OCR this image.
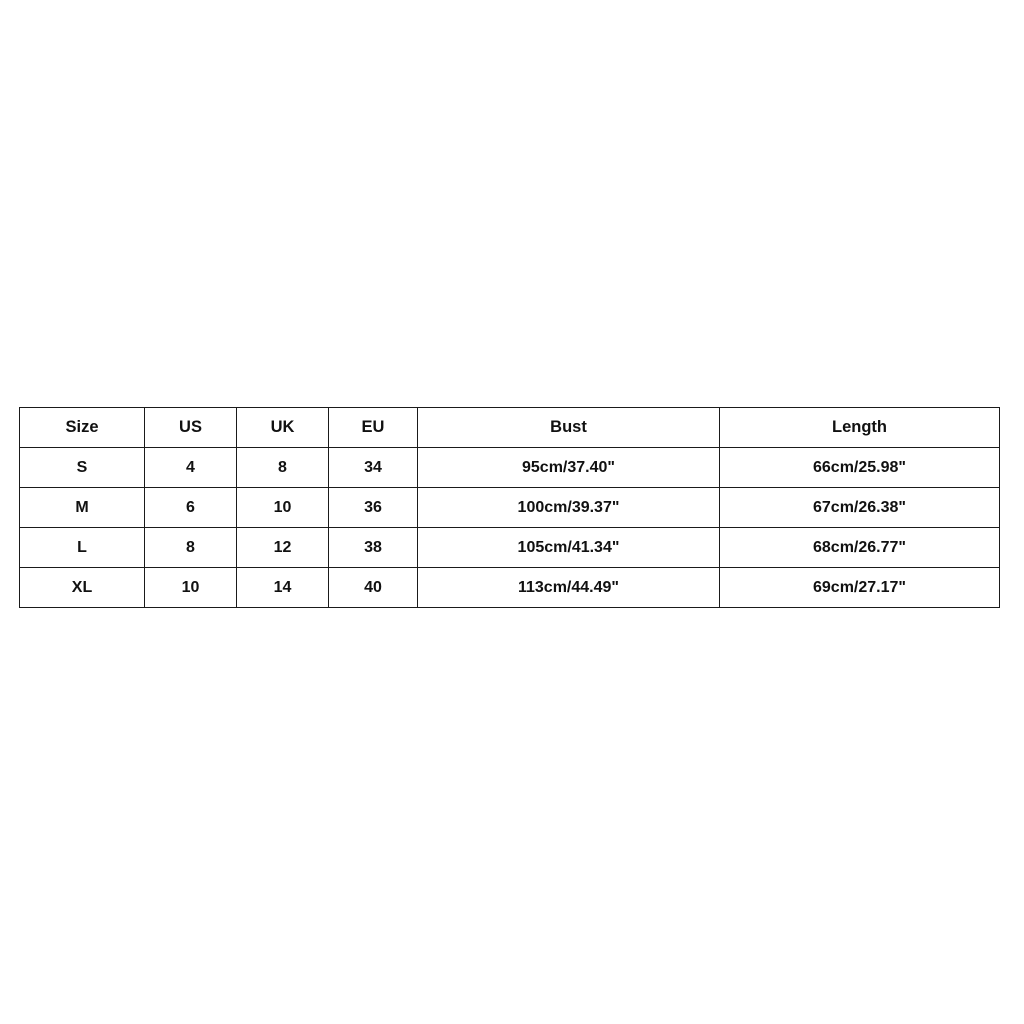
Size	US	UK	EU	Bust	Length
S	4	8	34	95cm/37.40"	66cm/25.98"
M	6	10	36	100cm/39.37"	67cm/26.38"
L	8	12	38	105cm/41.34"	68cm/26.77"
XL	10	14	40	113cm/44.49"	69cm/27.17"
